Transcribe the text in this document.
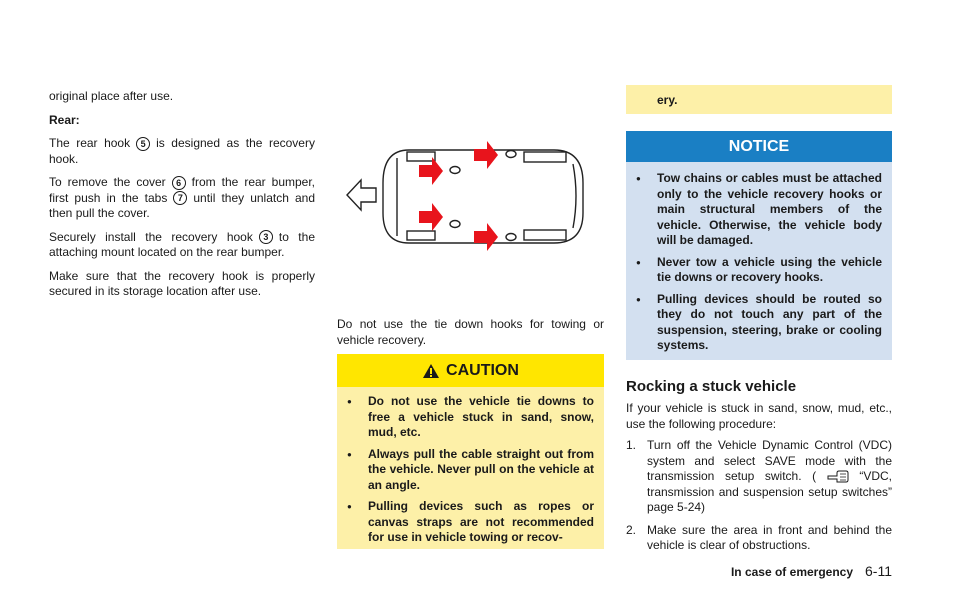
original place after use.

Rear:

The rear hook 5 is designed as the recovery hook.

To remove the cover 6 from the rear bumper, first push in the tabs 7 until they unlatch and then pull the cover.

Securely install the recovery hook 3 to the attaching mount located on the rear bumper.

Make sure that the recovery hook is properly secured in its storage location after use.

Do not use the tie down hooks for towing or vehicle recovery.
CAUTION
● Do not use the vehicle tie downs to free a vehicle stuck in sand, snow, mud, etc.
● Always pull the cable straight out from the vehicle. Never pull on the vehicle at an angle.
● Pulling devices such as ropes or canvas straps are not recommended for use in vehicle towing or recov-
ery.
NOTICE
● Tow chains or cables must be attached only to the vehicle recovery hooks or main structural members of the vehicle. Otherwise, the vehicle body will be damaged.
● Never tow a vehicle using the vehicle tie downs or recovery hooks.
● Pulling devices should be routed so they do not touch any part of the suspension, steering, brake or cooling systems.
Rocking a stuck vehicle

If your vehicle is stuck in sand, snow, mud, etc., use the following procedure:

1. Turn off the Vehicle Dynamic Control (VDC) system and select SAVE mode with the transmission setup switch. (	“VDC, transmission and suspension setup switches” page 5-24)
2. Make sure the area in front and behind the vehicle is clear of obstructions.
In case of emergency 6-11
